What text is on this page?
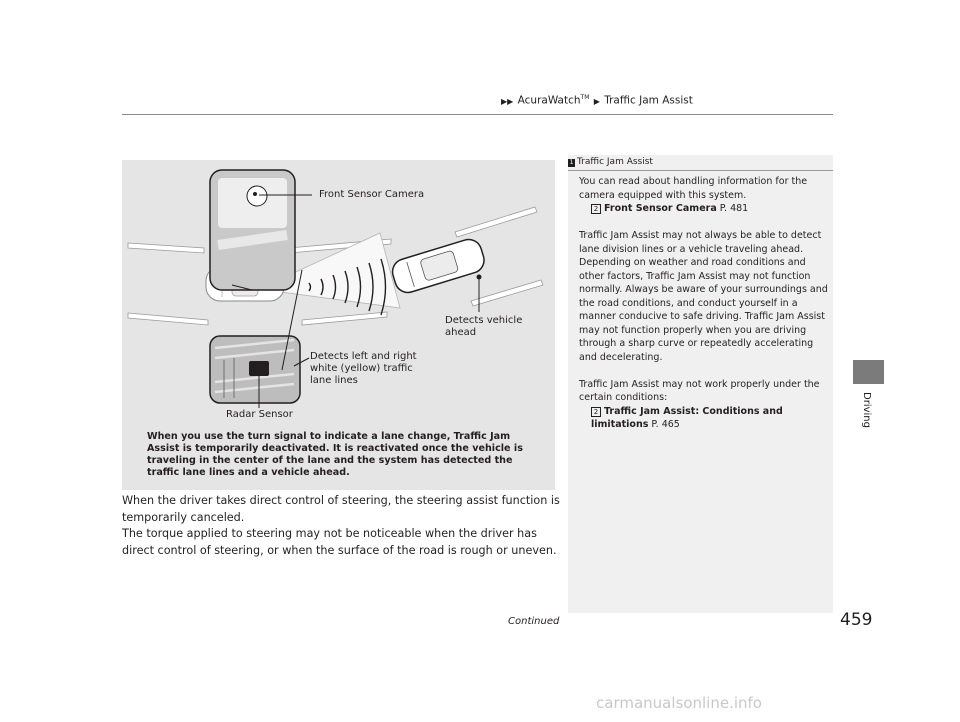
▶▶ AcuraWatch™ ▶ Traffic Jam Assist
Driving
Front Sensor Camera
Detects vehicle
ahead
Detects left and right
white (yellow) traffic
lane lines
Radar Sensor
When you use the turn signal to indicate a lane change, Traffic Jam Assist is temporarily deactivated. It is reactivated once the vehicle is traveling in the center of the lane and the system has detected the traffic lane lines and a vehicle ahead.

When the driver takes direct control of steering, the steering assist function is temporarily canceled.

The torque applied to steering may not be noticeable when the driver has direct control of steering, or when the surface of the road is rough or uneven.

1 Traffic Jam Assist

You can read about handling information for the camera equipped with this system.
2 Front Sensor Camera P. 481

Traffic Jam Assist may not always be able to detect lane division lines or a vehicle traveling ahead. Depending on weather and road conditions and other factors, Traffic Jam Assist may not function normally. Always be aware of your surroundings and the road conditions, and conduct yourself in a manner conducive to safe driving. Traffic Jam Assist may not function properly when you are driving through a sharp curve or repeatedly accelerating and decelerating.

Traffic Jam Assist may not work properly under the certain conditions:
2 Traffic Jam Assist: Conditions and limitations P. 465

Continued	459
carmanualsonline.info
